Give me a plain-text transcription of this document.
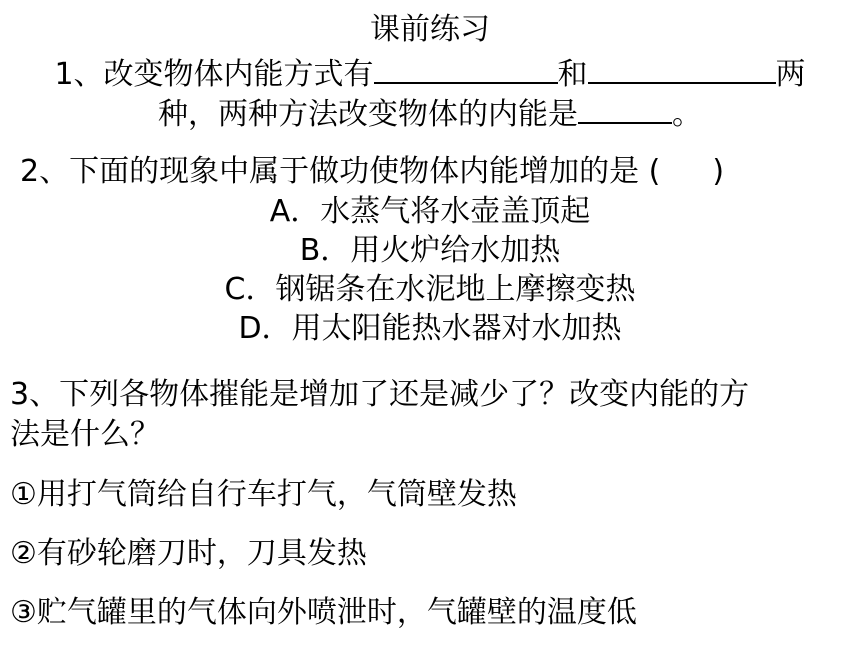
课前练习
1、改变物体内能方式有	和	两
种，两种方法改变物体的内能是	。
2、下面的现象中属于做功使物体内能增加的是 ( )
A．水蒸气将水壶盖顶起
B．用火炉给水加热
C．钢锯条在水泥地上摩擦变热
D．用太阳能热水器对水加热
3、下列各物体摧能是增加了还是减少了？改变内能的方
法是什么？
①用打气筒给自行车打气，气筒壁发热
②有砂轮磨刀时，刀具发热
③贮气罐里的气体向外喷泄时，气罐壁的温度低
